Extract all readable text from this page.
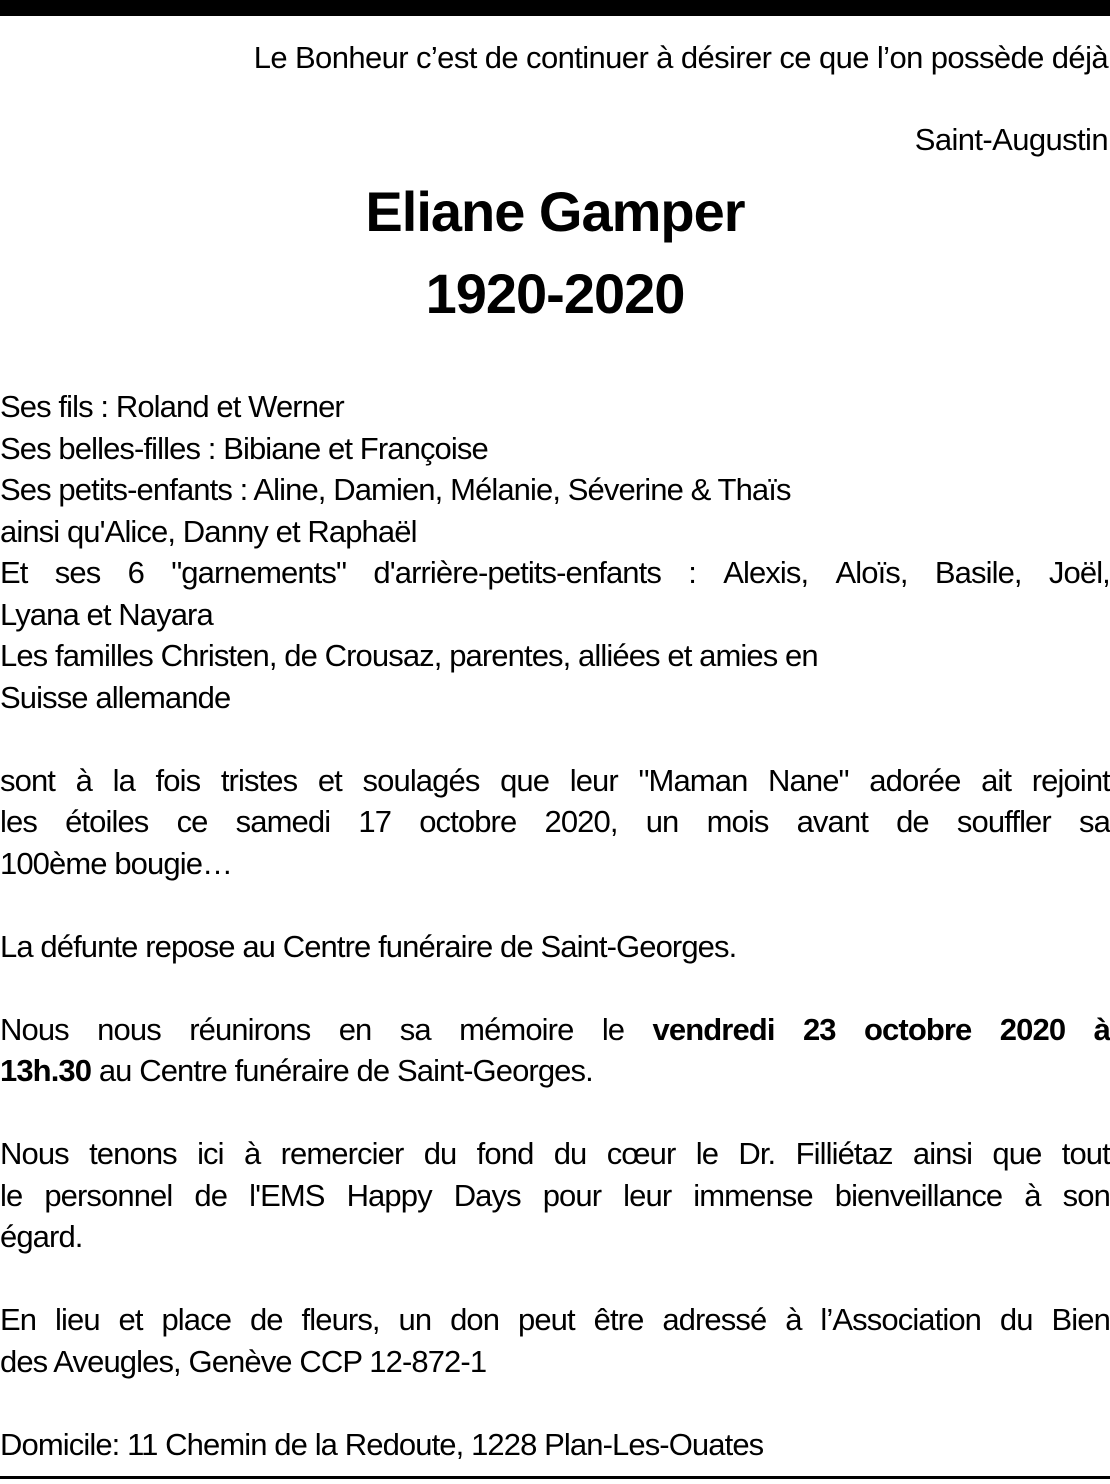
Le Bonheur c’est de continuer à désirer ce que l’on possède déjà
Saint-Augustin
Eliane Gamper
1920-2020
Ses fils : Roland et Werner
Ses belles-filles : Bibiane et Françoise
Ses petits-enfants : Aline, Damien, Mélanie, Séverine & Thaïs
ainsi qu'Alice, Danny et Raphaël
Et ses 6 "garnements" d'arrière-petits-enfants : Alexis, Aloïs, Basile, Joël,
Lyana et Nayara
Les familles Christen, de Crousaz, parentes, alliées et amies en
Suisse allemande
sont à la fois tristes et soulagés que leur "Maman Nane" adorée ait rejoint
les étoiles ce samedi 17 octobre 2020, un mois avant de souffler sa
100ème bougie…
La défunte repose au Centre funéraire de Saint-Georges.
Nous nous réunirons en sa mémoire le vendredi 23 octobre 2020 à
13h.30 au Centre funéraire de Saint-Georges.
Nous tenons ici à remercier du fond du cœur le Dr. Filliétaz ainsi que tout
le personnel de l'EMS Happy Days pour leur immense bienveillance à son
égard.
En lieu et place de fleurs, un don peut être adressé à l’Association du Bien
des Aveugles, Genève CCP 12-872-1
Domicile: 11 Chemin de la Redoute, 1228 Plan-Les-Ouates
